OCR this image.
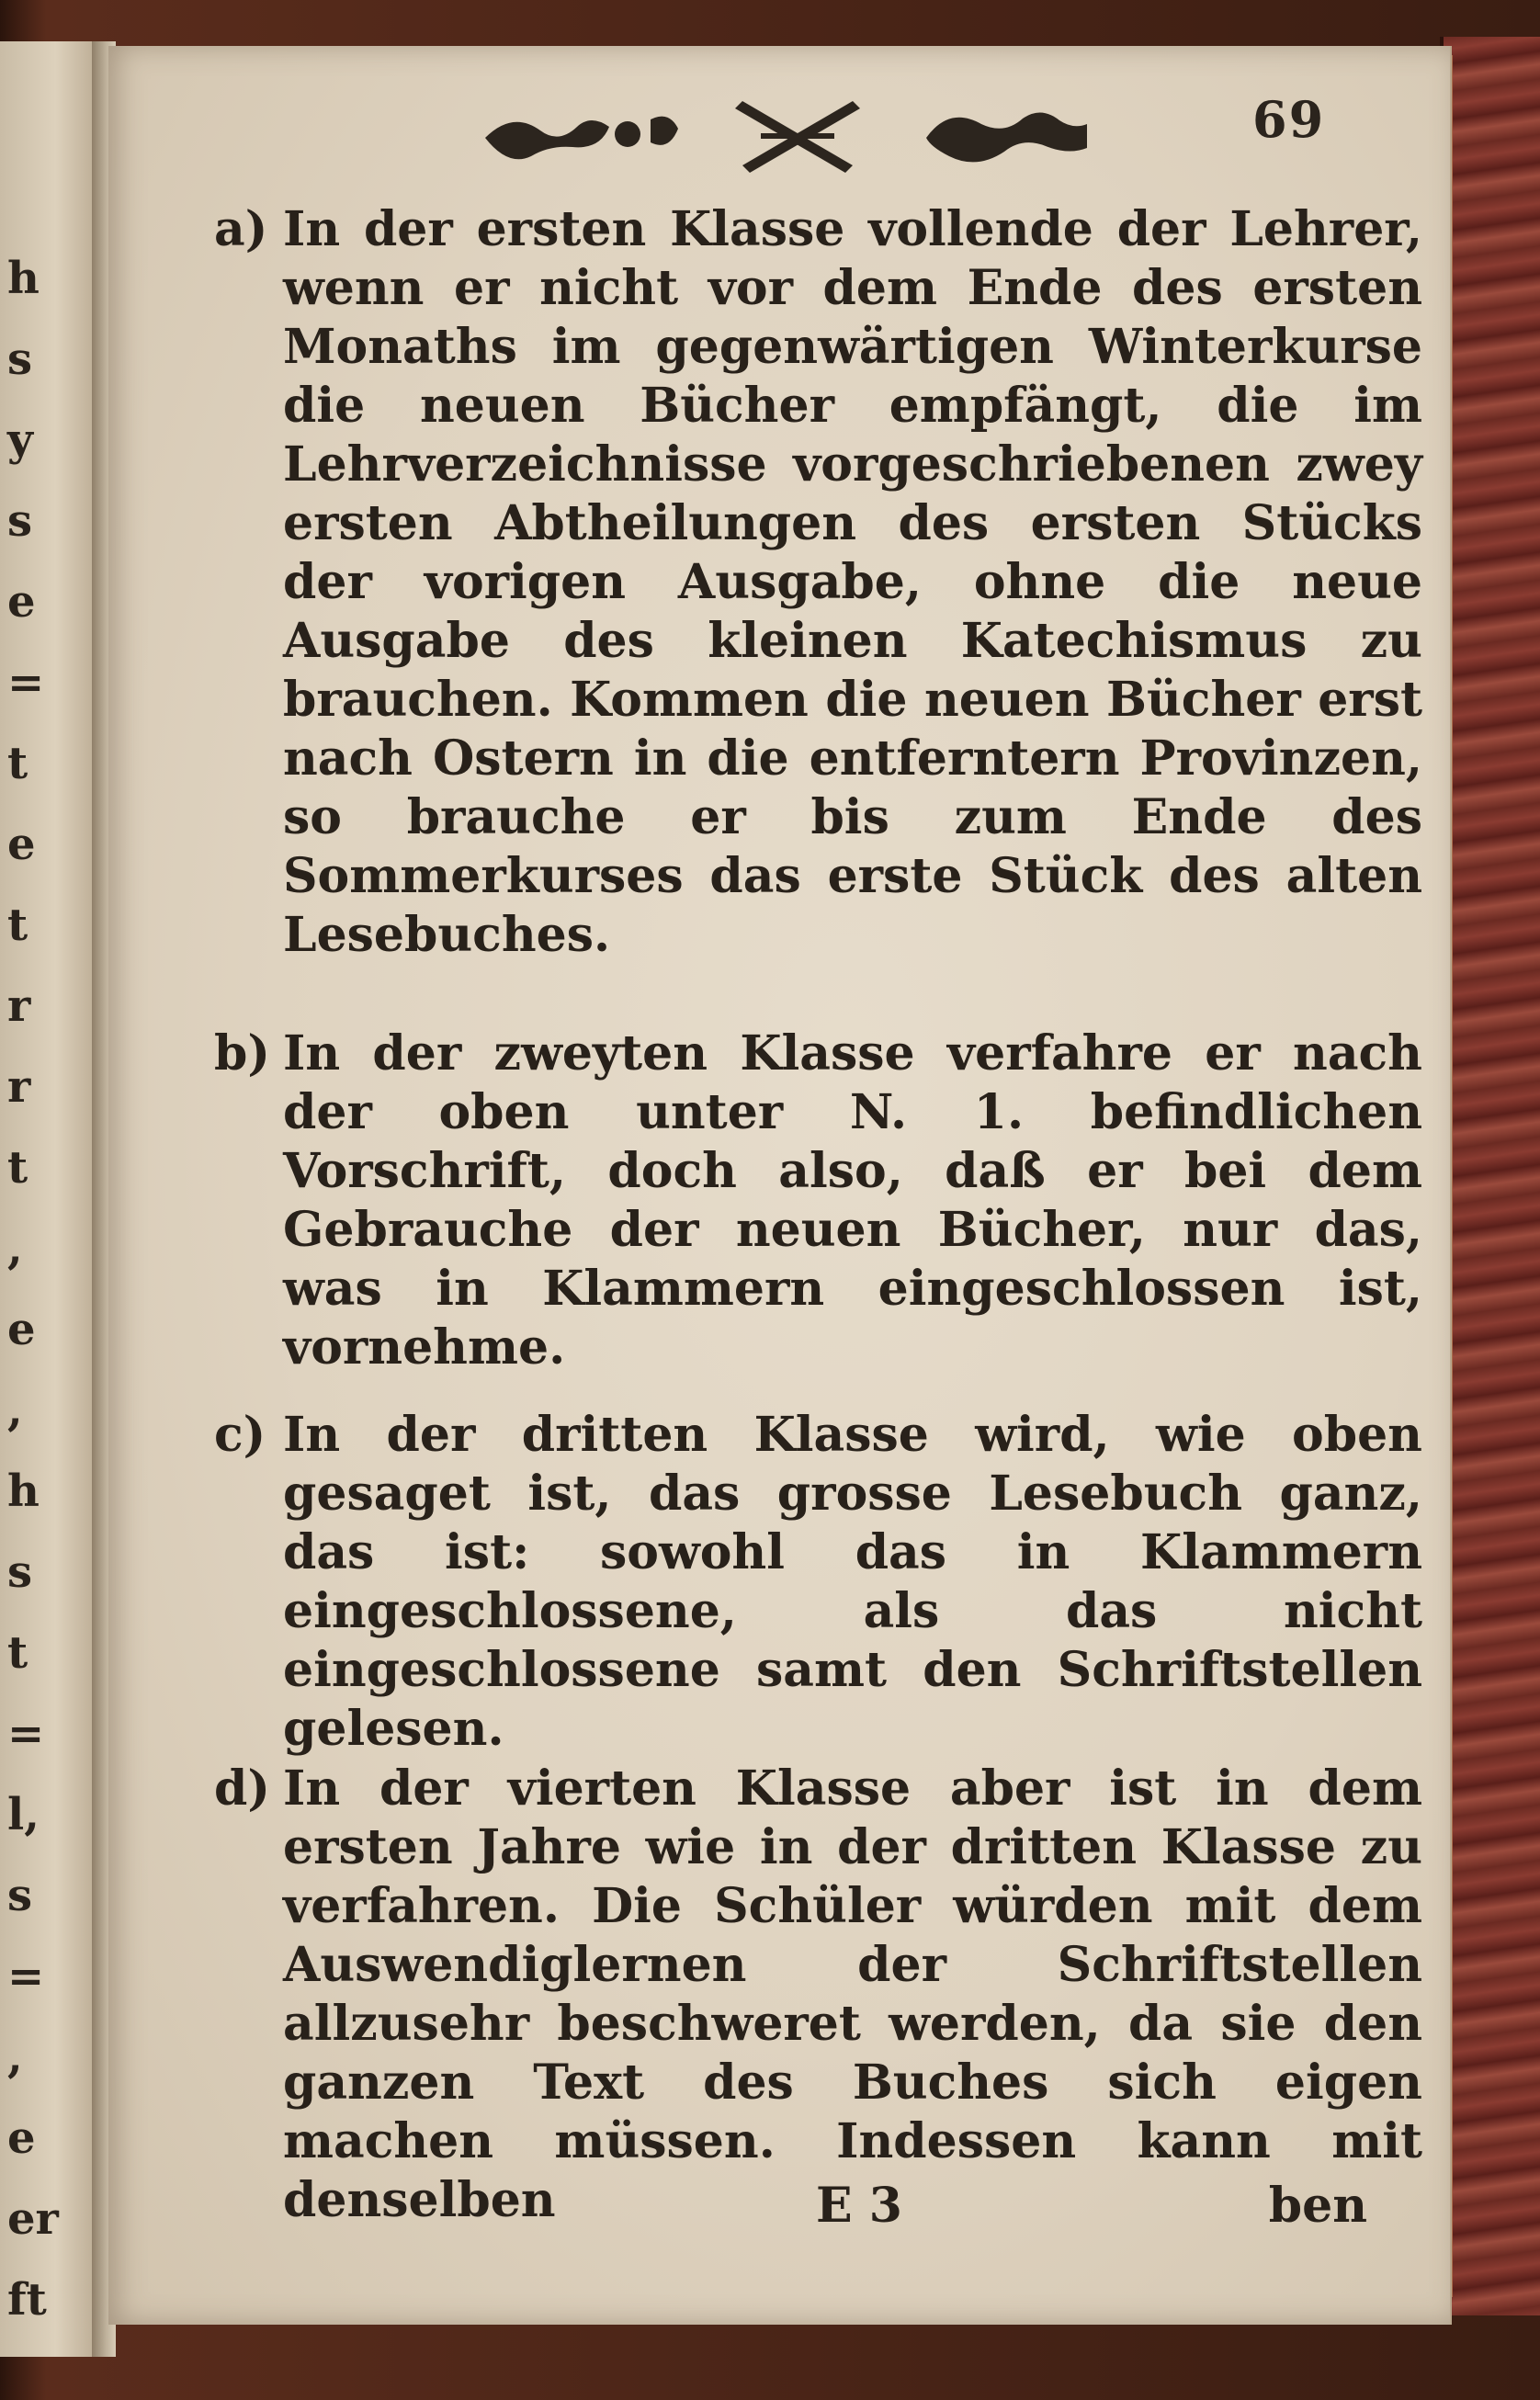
h
s
y
s
e
=
t
e
t
r
r
t
,
e
,
h
s
t
=
l,
s
=
,
e
er
ft
69
a) In der ersten Klasse vollende der Lehrer, wenn er nicht vor dem Ende des ersten Monaths im gegenwärtigen Winterkurse die neuen Bücher empfängt, die im Lehrverzeichnisse vorgeschriebenen zwey ersten Abtheilungen des ersten Stücks der vorigen Ausgabe, ohne die neue Ausgabe des kleinen Katechismus zu brauchen. Kommen die neuen Bücher erst nach Ostern in die entferntern Provinzen, so brauche er bis zum Ende des Sommerkurses das erste Stück des alten Lesebuches.
b) In der zweyten Klasse verfahre er nach der oben unter N. 1. befindlichen Vorschrift, doch also, daß er bei dem Gebrauche der neuen Bücher, nur das, was in Klammern eingeschlossen ist, vornehme.
c) In der dritten Klasse wird, wie oben gesaget ist, das grosse Lesebuch ganz, das ist: sowohl das in Klammern eingeschlossene, als das nicht eingeschlossene samt den Schriftstellen gelesen.
d) In der vierten Klasse aber ist in dem ersten Jahre wie in der dritten Klasse zu verfahren. Die Schüler würden mit dem Auswendiglernen der Schriftstellen allzusehr beschweret werden, da sie den ganzen Text des Buches sich eigen machen müssen. Indessen kann mit denselben	E 3	ben
